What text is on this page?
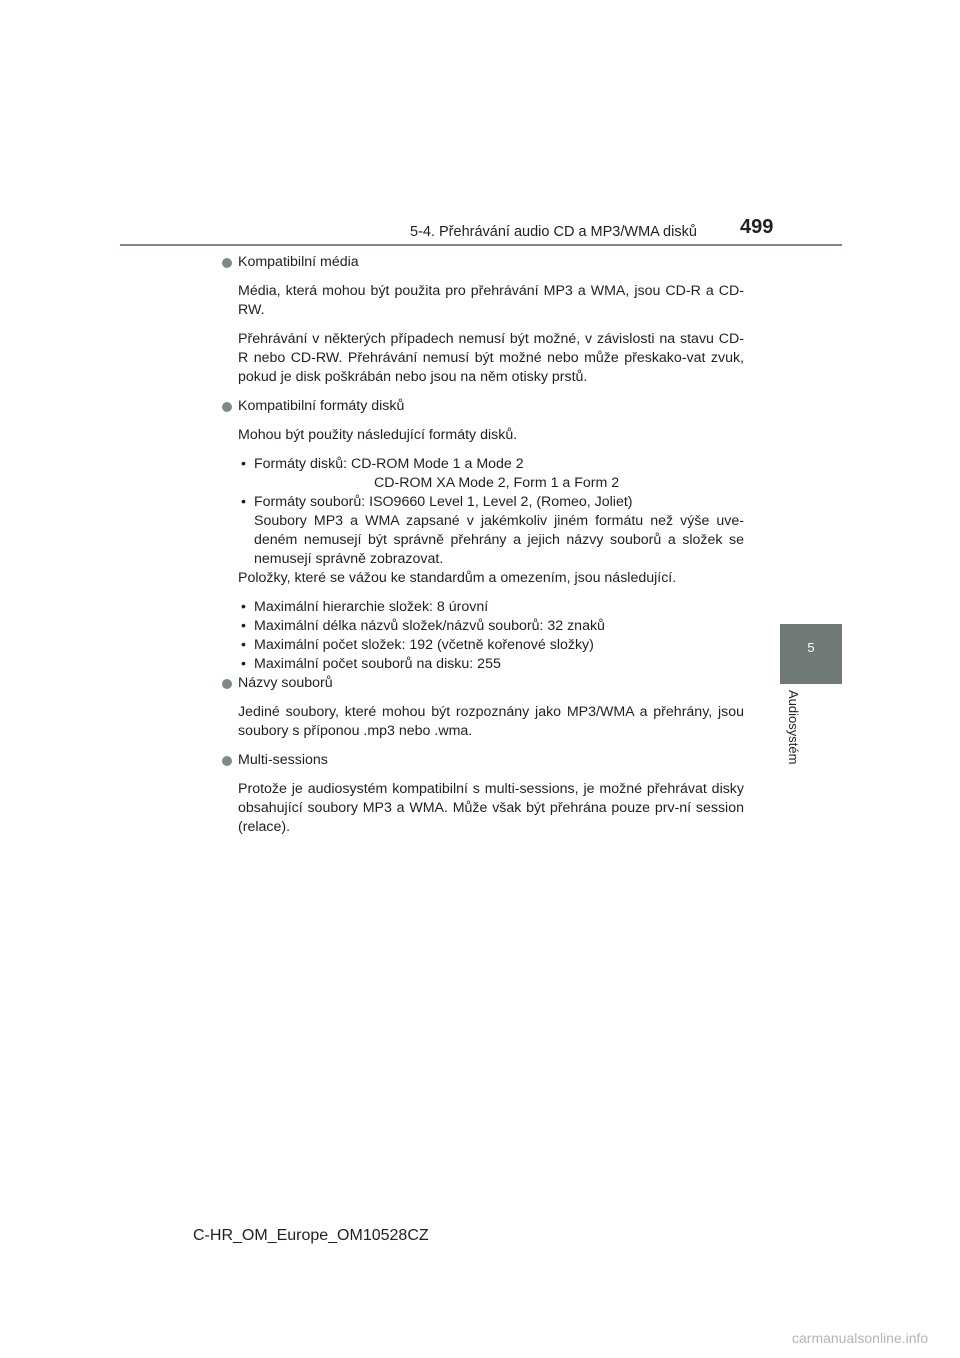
5-4. Přehrávání audio CD a MP3/WMA disků 499
5
Audiosystém

Kompatibilní média

Média, která mohou být použita pro přehrávání MP3 a WMA, jsou CD-R a CD-RW.

Přehrávání v některých případech nemusí být možné, v závislosti na stavu CD-R nebo CD-RW. Přehrávání nemusí být možné nebo může přeskako-vat zvuk, pokud je disk poškrábán nebo jsou na něm otisky prstů.

Kompatibilní formáty disků

Mohou být použity následující formáty disků.

• Formáty disků: CD-ROM Mode 1 a Mode 2
CD-ROM XA Mode 2, Form 1 a Form 2
• Formáty souborů: ISO9660 Level 1, Level 2, (Romeo, Joliet)
Soubory MP3 a WMA zapsané v jakémkoliv jiném formátu než výše uve-deném nemusejí být správně přehrány a jejich názvy souborů a složek se nemusejí správně zobrazovat.

Položky, které se vážou ke standardům a omezením, jsou následující.

• Maximální hierarchie složek: 8 úrovní
• Maximální délka názvů složek/názvů souborů: 32 znaků
• Maximální počet složek: 192 (včetně kořenové složky)
• Maximální počet souborů na disku: 255

Názvy souborů

Jediné soubory, které mohou být rozpoznány jako MP3/WMA a přehrány, jsou soubory s příponou .mp3 nebo .wma.

Multi-sessions

Protože je audiosystém kompatibilní s multi-sessions, je možné přehrávat disky obsahující soubory MP3 a WMA. Může však být přehrána pouze prv-ní session (relace).

C-HR_OM_Europe_OM10528CZ
carmanualsonline.info
